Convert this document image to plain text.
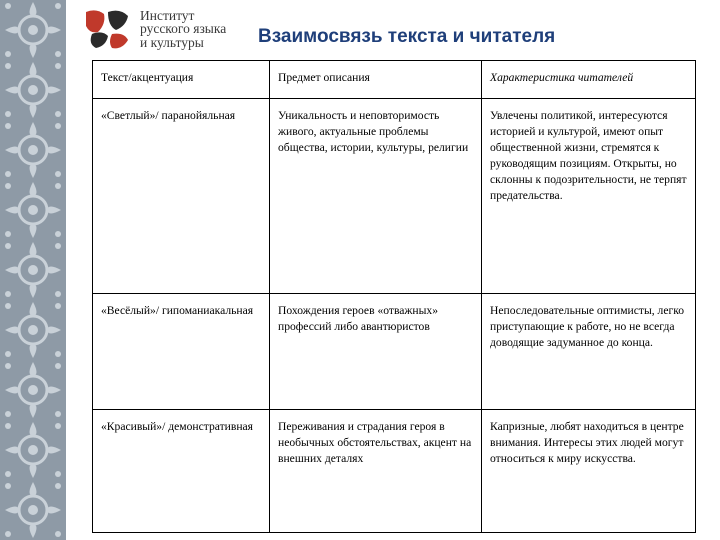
Институт
русского языка
и культуры	Взаимосвязь текста и читателя
Текст/акцентуация	Предмет описания	Характеристика читателей
«Светлый»/ паранойяльная	Уникальность и неповторимость живого, актуальные проблемы общества, истории, культуры, религии	Увлечены политикой, интересуются историей и культурой, имеют опыт общественной жизни, стремятся к руководящим позициям. Открыты, но склонны к подозрительности, не терпят предательства.
«Весёлый»/ гипоманиакальная	Похождения героев «отважных» профессий либо авантюристов	Непоследовательные оптимисты, легко приступающие к работе, но не всегда доводящие задуманное до конца.
«Красивый»/ демонстративная	Переживания и страдания героя в необычных обстоятельствах, акцент на внешних деталях	Капризные, любят находиться в центре внимания. Интересы этих людей могут относиться к миру искусства.
